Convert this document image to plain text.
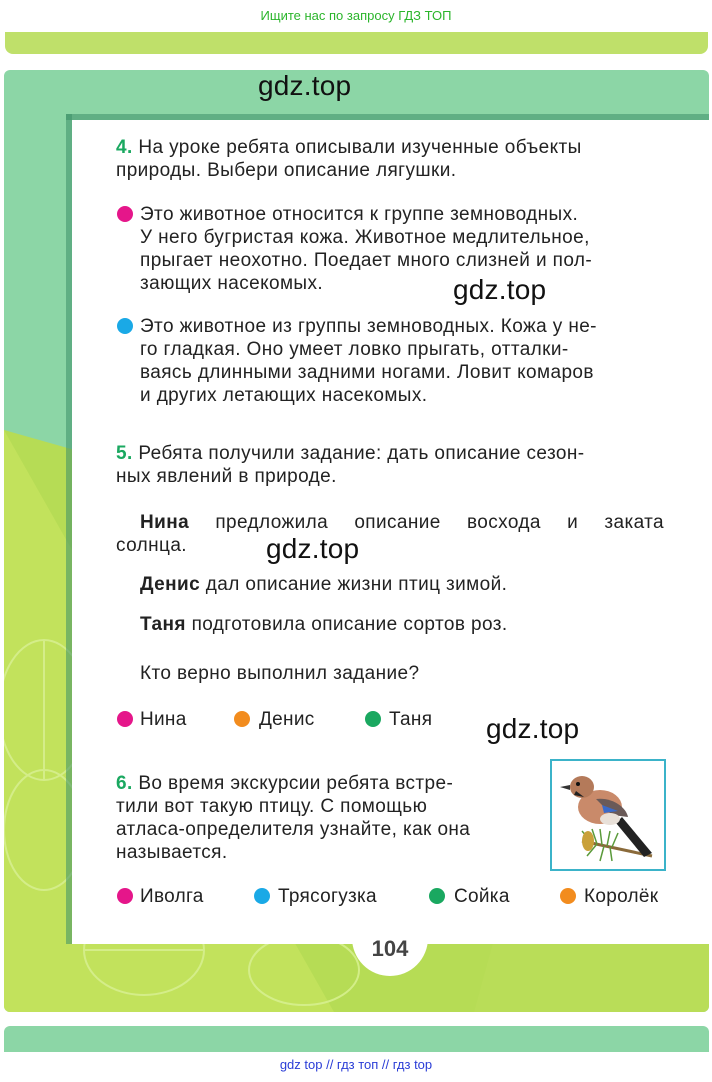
Ищите нас по запросу ГДЗ ТОП
gdz.top
gdz.top
gdz.top
gdz.top
4. На уроке ребята описывали изученные объекты
природы. Выбери описание лягушки.
Это животное относится к группе земноводных.
У него бугристая кожа. Животное медлительное,
прыгает неохотно. Поедает много слизней и пол-
зающих насекомых.
Это животное из группы земноводных. Кожа у не-
го гладкая. Оно умеет ловко прыгать, отталки-
ваясь длинными задними ногами. Ловит комаров
и других летающих насекомых.
5. Ребята получили задание: дать описание сезон-
ных явлений в природе.
Нина предложила описание восхода и заката
солнца.
Денис дал описание жизни птиц зимой.
Таня подготовила описание сортов роз.
Кто верно выполнил задание?
Нина	Денис	Таня
6. Во время экскурсии ребята встре-
тили вот такую птицу. С помощью
атласа-определителя узнайте, как она
называется.
Иволга	Трясогузка	Сойка	Королёк
104
gdz top // гдз топ // гдз top
